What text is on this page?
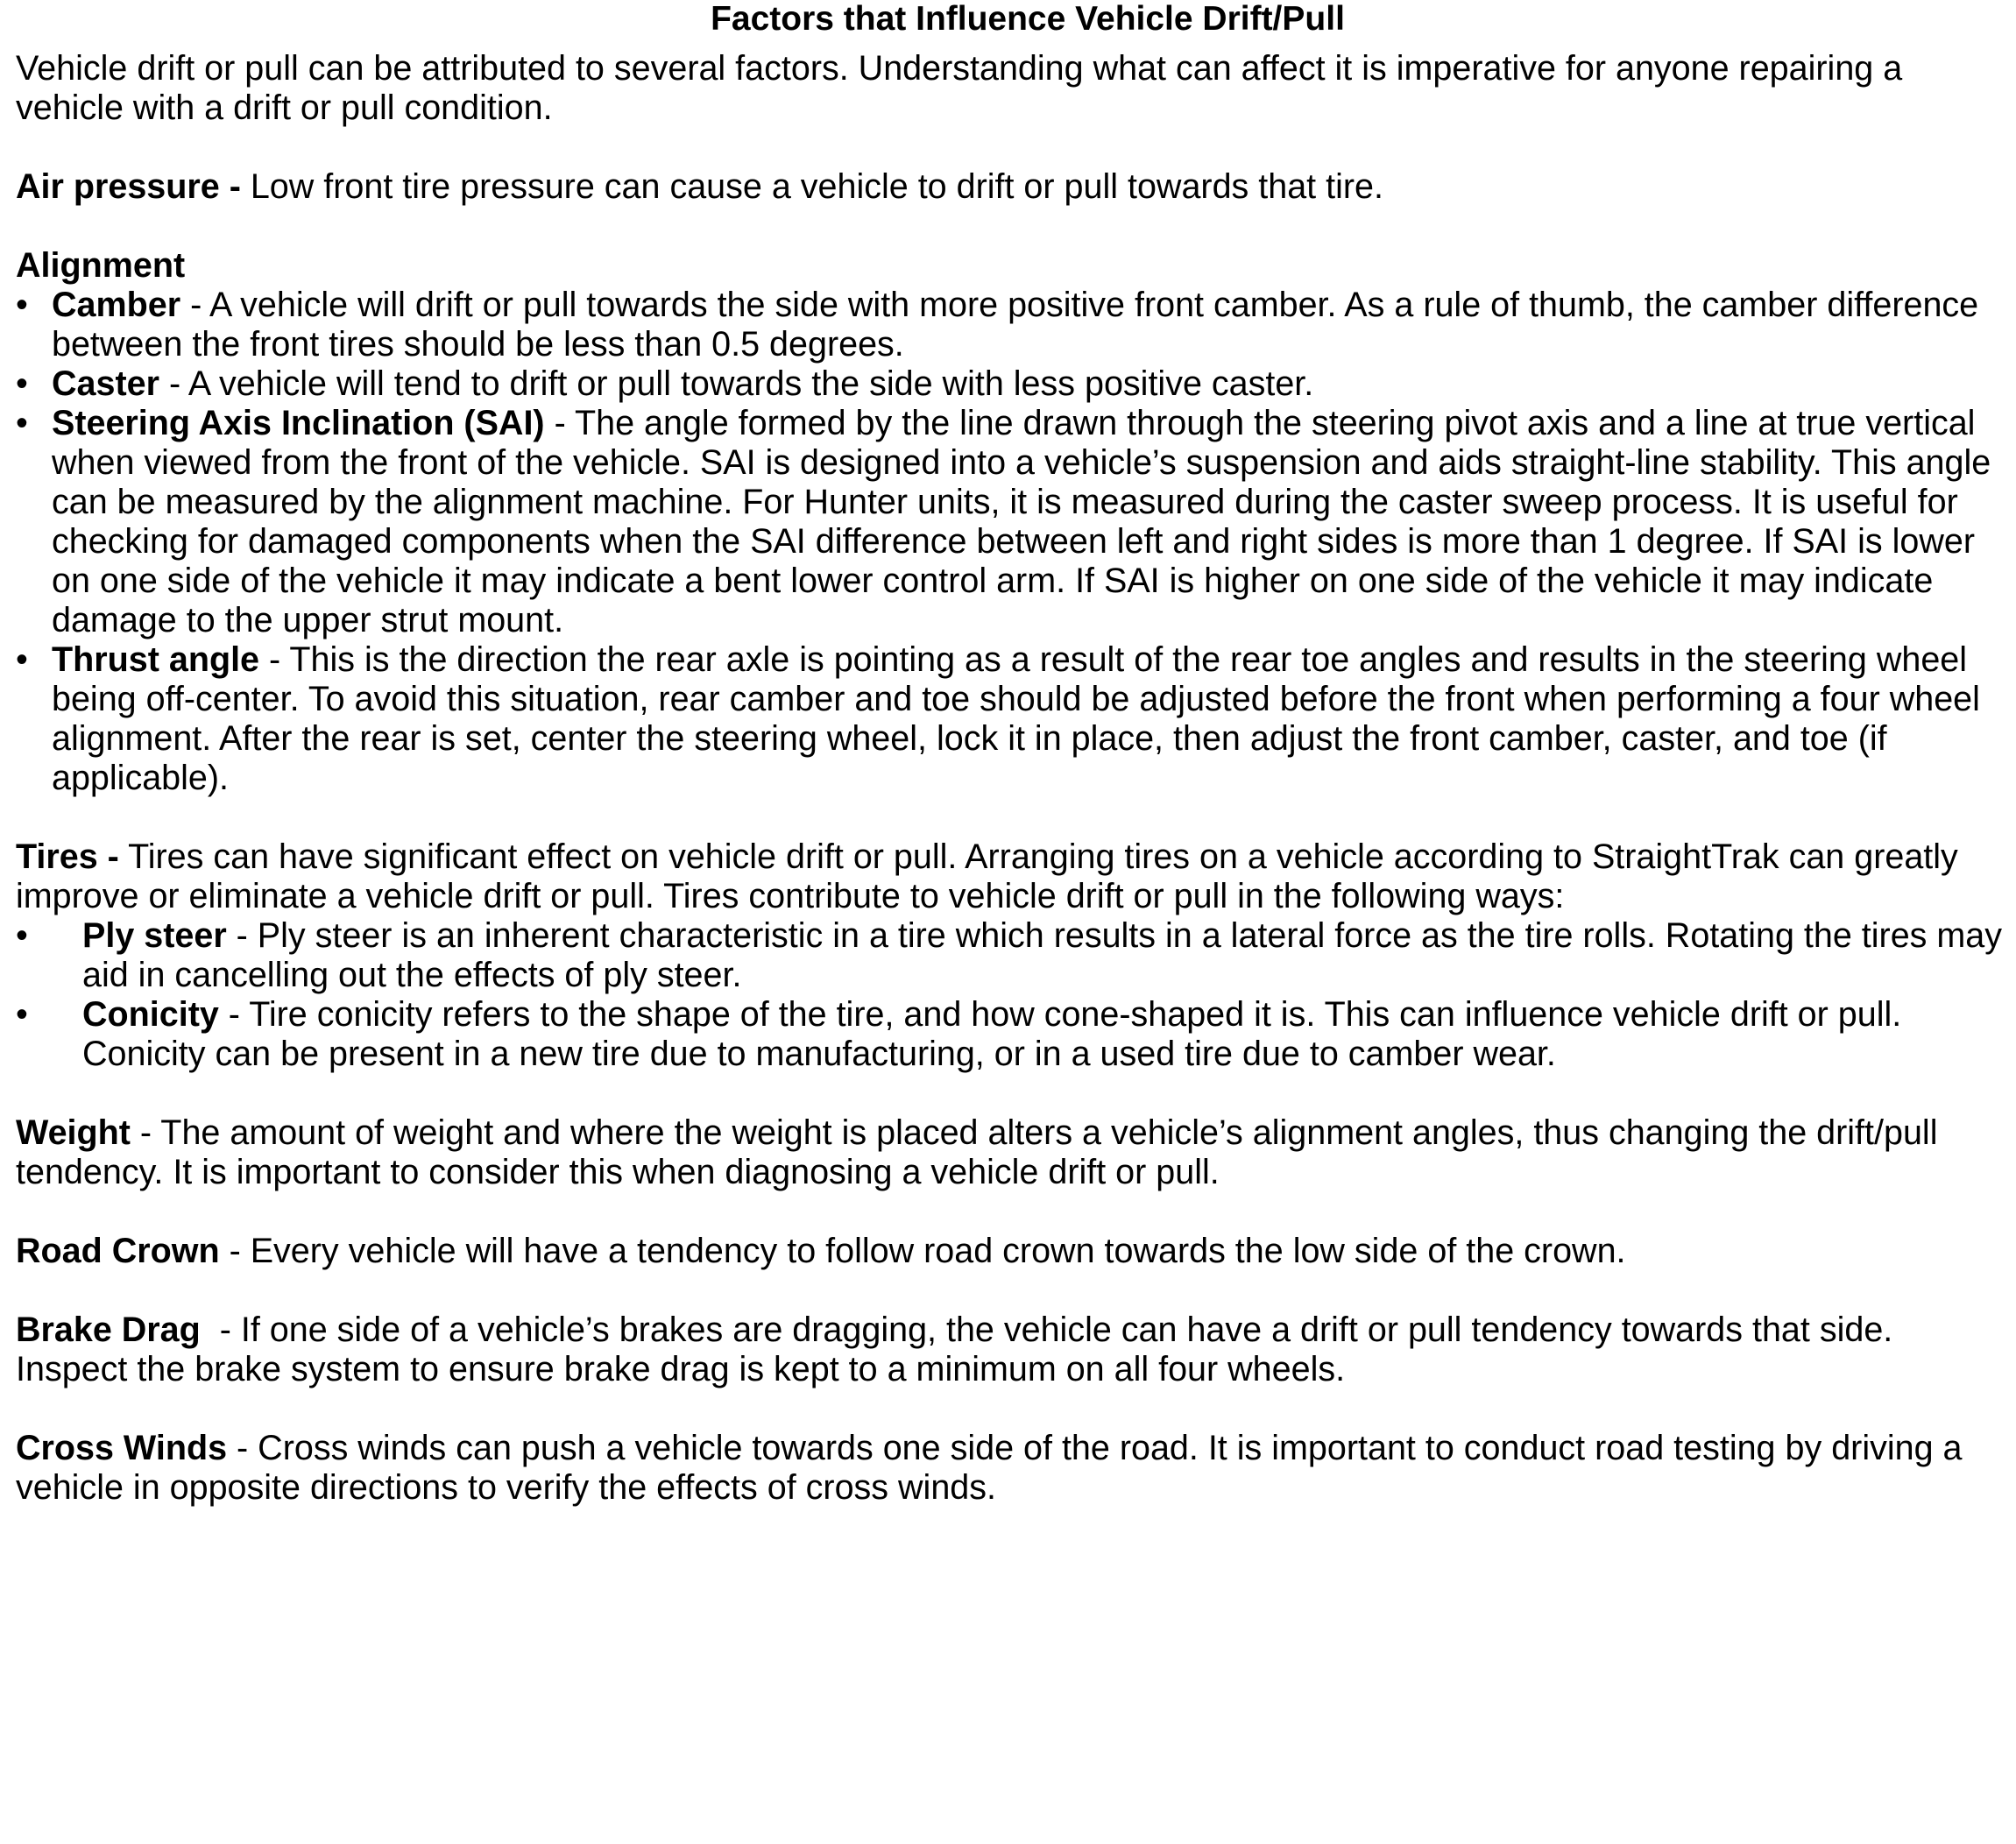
Factors that Influence Vehicle Drift/Pull

Vehicle drift or pull can be attributed to several factors. Understanding what can affect it is imperative for anyone repairing a vehicle with a drift or pull condition.

Air pressure - Low front tire pressure can cause a vehicle to drift or pull towards that tire.

Alignment

• Camber - A vehicle will drift or pull towards the side with more positive front camber. As a rule of thumb, the camber difference between the front tires should be less than 0.5 degrees.
• Caster - A vehicle will tend to drift or pull towards the side with less positive caster.
• Steering Axis Inclination (SAI) - The angle formed by the line drawn through the steering pivot axis and a line at true vertical when viewed from the front of the vehicle. SAI is designed into a vehicle’s suspension and aids straight-line stability. This angle can be measured by the alignment machine. For Hunter units, it is measured during the caster sweep process. It is useful for checking for damaged components when the SAI difference between left and right sides is more than 1 degree. If SAI is lower on one side of the vehicle it may indicate a bent lower control arm. If SAI is higher on one side of the vehicle it may indicate damage to the upper strut mount.
• Thrust angle - This is the direction the rear axle is pointing as a result of the rear toe angles and results in the steering wheel being off-center. To avoid this situation, rear camber and toe should be adjusted before the front when performing a four wheel alignment. After the rear is set, center the steering wheel, lock it in place, then adjust the front camber, caster, and toe (if applicable).

Tires - Tires can have significant effect on vehicle drift or pull. Arranging tires on a vehicle according to StraightTrak can greatly improve or eliminate a vehicle drift or pull. Tires contribute to vehicle drift or pull in the following ways:

• Ply steer - Ply steer is an inherent characteristic in a tire which results in a lateral force as the tire rolls. Rotating the tires may aid in cancelling out the effects of ply steer.
• Conicity - Tire conicity refers to the shape of the tire, and how cone-shaped it is. This can influence vehicle drift or pull. Conicity can be present in a new tire due to manufacturing, or in a used tire due to camber wear.

Weight - The amount of weight and where the weight is placed alters a vehicle’s alignment angles, thus changing the drift/pull tendency. It is important to consider this when diagnosing a vehicle drift or pull.

Road Crown - Every vehicle will have a tendency to follow road crown towards the low side of the crown.

Brake Drag  - If one side of a vehicle’s brakes are dragging, the vehicle can have a drift or pull tendency towards that side.  Inspect the brake system to ensure brake drag is kept to a minimum on all four wheels.

Cross Winds - Cross winds can push a vehicle towards one side of the road. It is important to conduct road testing by driving a vehicle in opposite directions to verify the effects of cross winds.
